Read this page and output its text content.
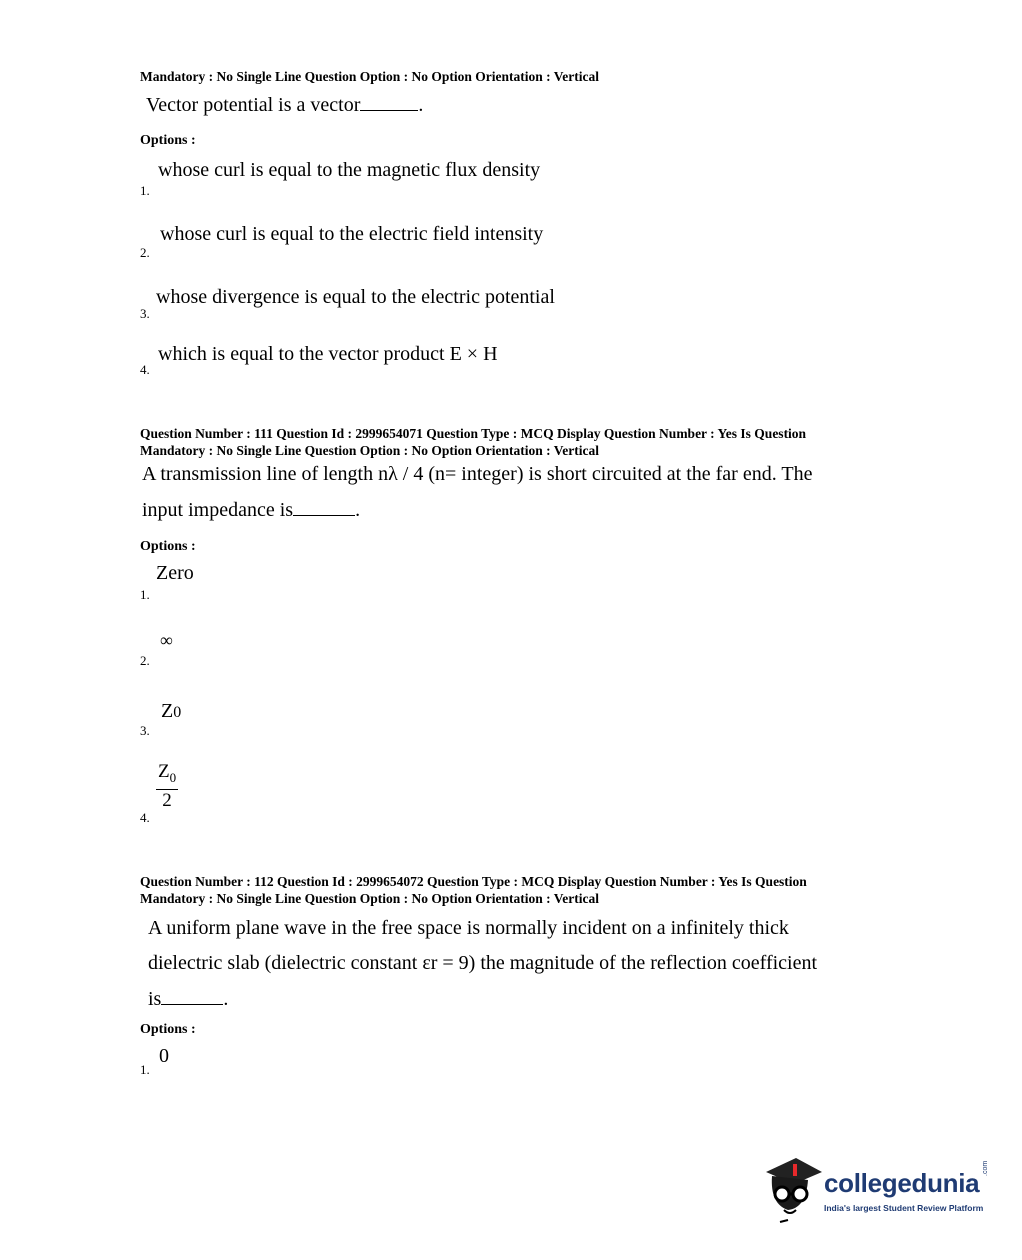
Mandatory : No Single Line Question Option : No Option Orientation : Vertical
Vector potential is a vector	.
Options :
whose curl is equal to the magnetic flux density
1.
whose curl is equal to the electric field intensity
2.
whose divergence is equal to the electric potential
3.
which is equal to the vector product E × H
4.
Question Number : 111 Question Id : 2999654071 Question Type : MCQ Display Question Number : Yes Is Question
Mandatory : No Single Line Question Option : No Option Orientation : Vertical
A transmission line of length nλ / 4 (n= integer) is short circuited at the far end. The
input impedance is	.
Options :
Zero
1.
∞
2.
Z0
3.
$\frac{Z_0}{2}$
4.
Question Number : 112 Question Id : 2999654072 Question Type : MCQ Display Question Number : Yes Is Question
Mandatory : No Single Line Question Option : No Option Orientation : Vertical
A uniform plane wave in the free space is normally incident on a infinitely thick
dielectric slab (dielectric constant εr = 9) the magnitude of the reflection coefficient
is	.
Options :
0
1.
collegedunia .com
India's largest Student Review Platform
